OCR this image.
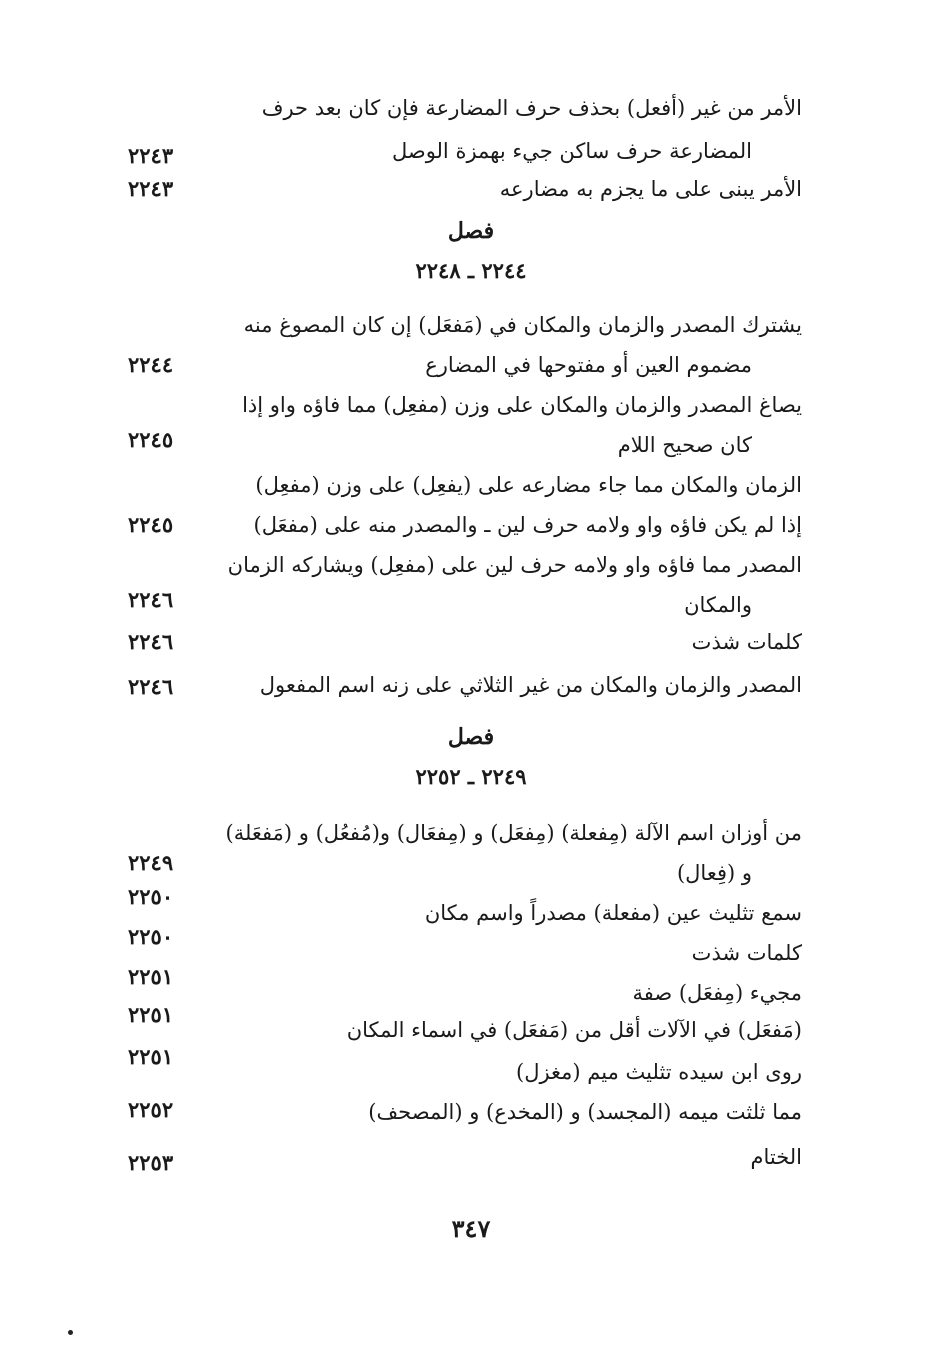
الأمر من غير (أفعل) بحذف حرف المضارعة فإن كان بعد حرف
المضارعة حرف ساكن جيء بهمزة الوصل
٢٢٤٣
الأمر يبنى على ما يجزم به مضارعه
٢٢٤٣
فصل
٢٢٤٤ ـ ٢٢٤٨
يشترك المصدر والزمان والمكان في (مَفعَل) إن كان المصوغ منه
مضموم العين أو مفتوحها في المضارع
٢٢٤٤
يصاغ المصدر والزمان والمكان على وزن (مفعِل) مما فاؤه واو إذا
كان صحيح اللام
٢٢٤٥
الزمان والمكان مما جاء مضارعه على (يفعِل) على وزن (مفعِل)
إذا لم يكن فاؤه واو ولامه حرف لين ـ والمصدر منه على (مفعَل)
٢٢٤٥
المصدر مما فاؤه واو ولامه حرف لين على (مفعِل) ويشاركه الزمان
والمكان
٢٢٤٦
كلمات شذت
٢٢٤٦
المصدر والزمان والمكان من غير الثلاثي على زنه اسم المفعول
٢٢٤٦
فصل
٢٢٤٩ ـ ٢٢٥٢
من أوزان اسم الآلة (مِفعلة) (مِفعَل) و (مِفعَال) و(مُفعُل) و (مَفعَلة)
و (فِعال)
٢٢٤٩
سمع تثليث عين (مفعلة) مصدراً واسم مكان
٢٢٥٠
كلمات شذت
٢٢٥٠
مجيء (مِفعَل) صفة
٢٢٥١
(مَفعَل) في الآلات أقل من (مَفعَل) في اسماء المكان
٢٢٥١
روى ابن سيده تثليث ميم (مغزل)
٢٢٥١
مما ثلثت ميمه (المجسد) و (المخدع) و (المصحف)
٢٢٥٢
الختام
٢٢٥٣
٣٤٧
